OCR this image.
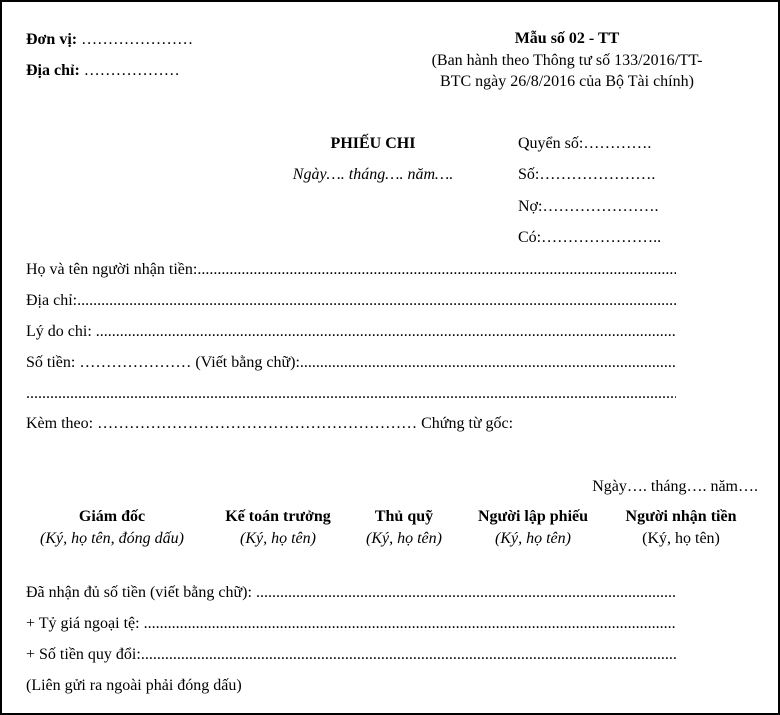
Đơn vị: …………………
Địa chỉ: ………………
Mẫu số 02 - TT
(Ban hành theo Thông tư số 133/2016/TT-
BTC ngày 26/8/2016 của Bộ Tài chính)
PHIẾU CHI
Ngày…. tháng…. năm….
Quyển số:………….
Số:………………….
Nợ:………………….
Có:…………………..
Họ và tên người nhận tiền: .....
Địa chỉ: .....
Lý do chi: .....
Số tiền: ………………… (Viết bằng chữ): .....
.....
Kèm theo: …………………………………………………… Chứng từ gốc:
Ngày…. tháng…. năm….
Giám đốc
(Ký, họ tên, đóng dấu)
Kế toán trưởng
(Ký, họ tên)
Thủ quỹ
(Ký, họ tên)
Người lập phiếu
(Ký, họ tên)
Người nhận tiền
(Ký, họ tên)
Đã nhận đủ số tiền (viết bằng chữ): .....
+ Tỷ giá ngoại tệ: .....
+ Số tiền quy đổi: .....
(Liên gửi ra ngoài phải đóng dấu)
